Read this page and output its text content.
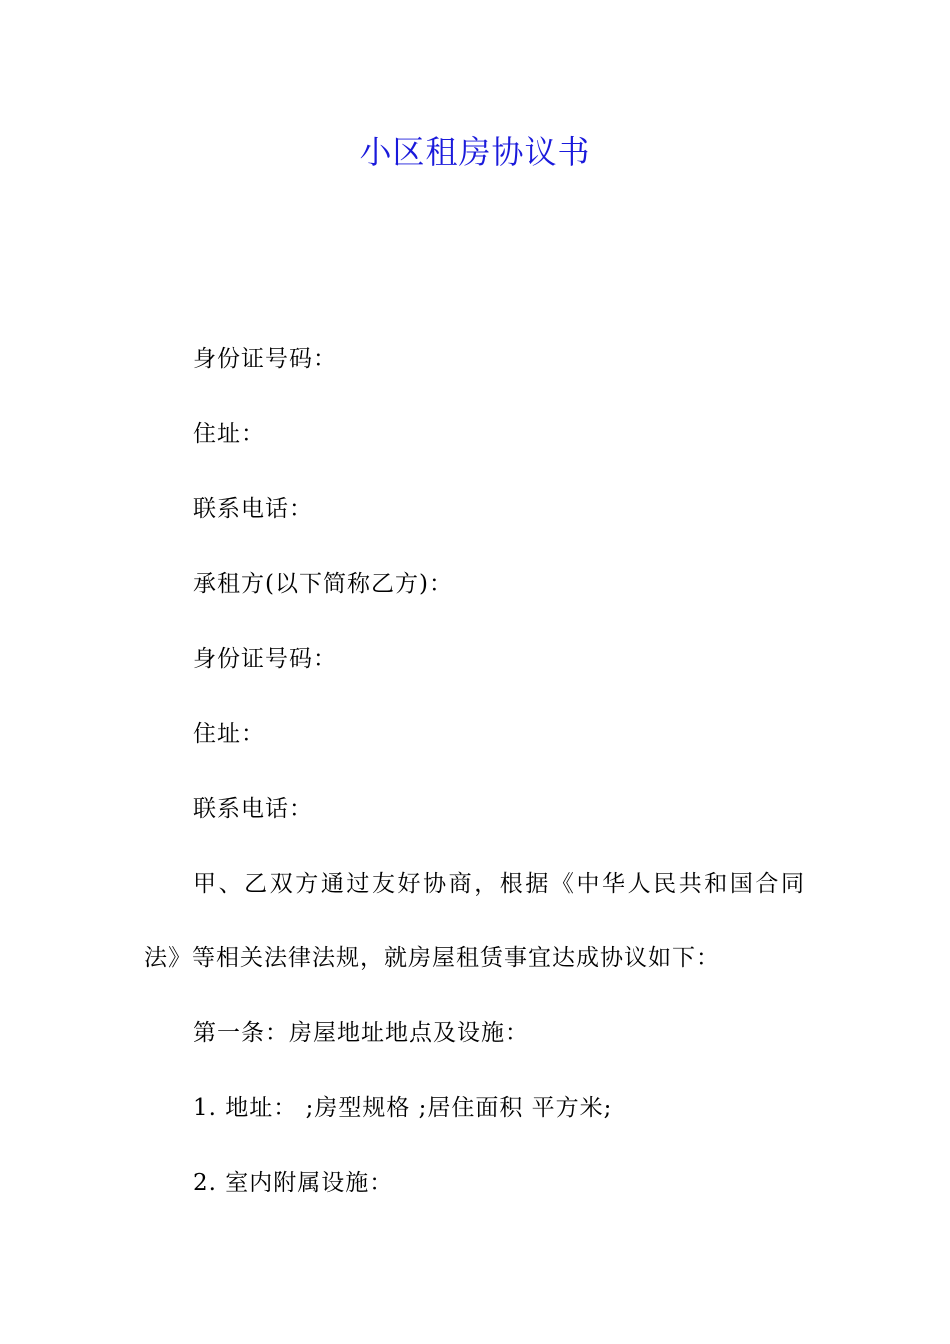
小区租房协议书
身份证号码：
住址：
联系电话：
承租方(以下简称乙方)：
身份证号码：
住址：
联系电话：
甲、乙双方通过友好协商，根据《中华人民共和国合同
法》等相关法律法规，就房屋租赁事宜达成协议如下：
第一条：房屋地址地点及设施：
1. 地址： ;房型规格 ;居住面积 平方米;
2. 室内附属设施：
